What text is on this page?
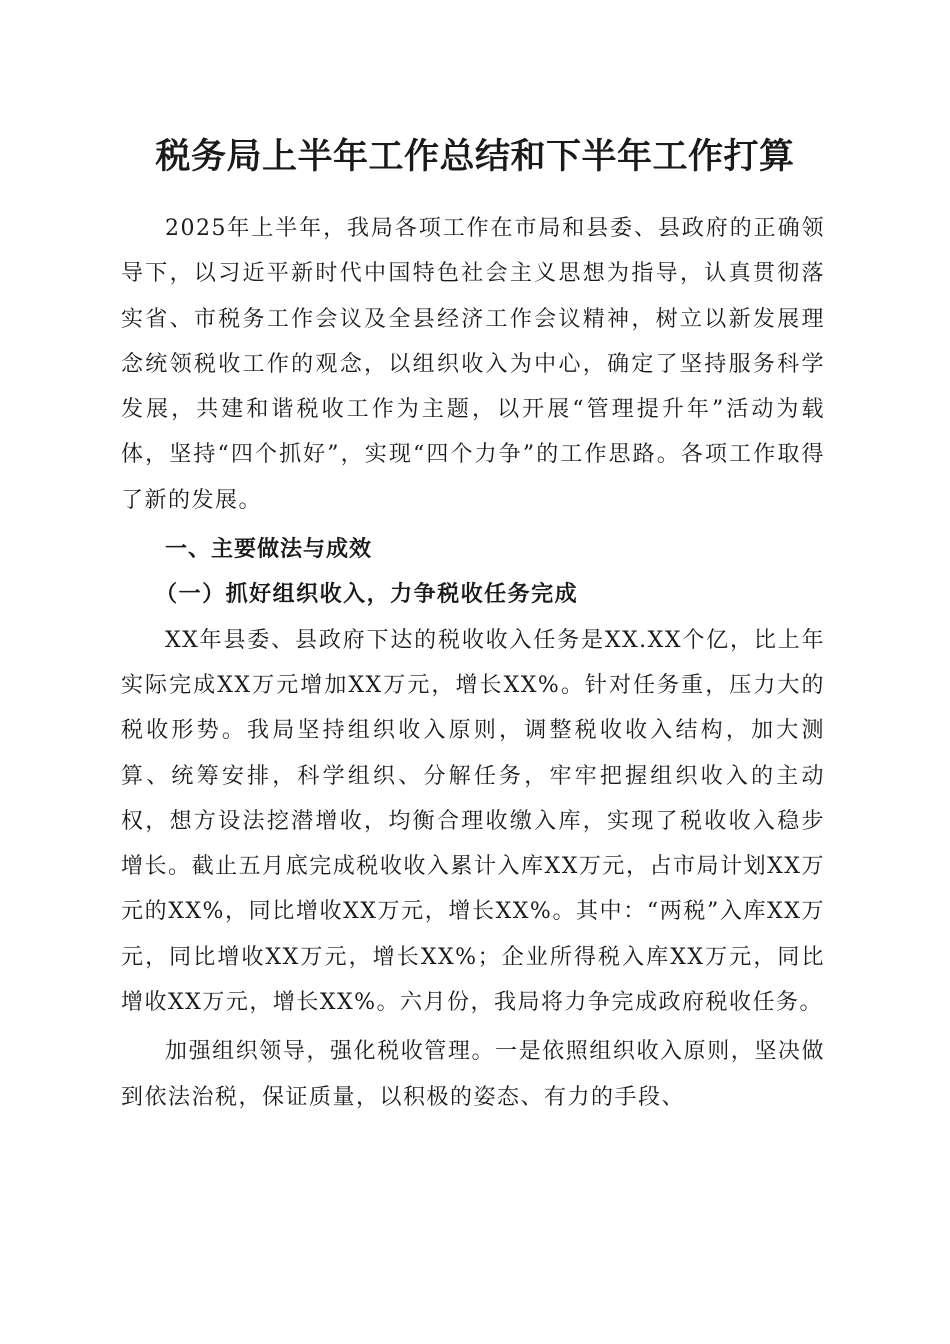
税务局上半年工作总结和下半年工作打算

2025年上半年，我局各项工作在市局和县委、县政府的正确领导下，以习近平新时代中国特色社会主义思想为指导，认真贯彻落实省、市税务工作会议及全县经济工作会议精神，树立以新发展理念统领税收工作的观念，以组织收入为中心，确定了坚持服务科学发展，共建和谐税收工作为主题，以开展“管理提升年”活动为载体，坚持“四个抓好”，实现“四个力争”的工作思路。各项工作取得了新的发展。

一、主要做法与成效

（一）抓好组织收入，力争税收任务完成

XX年县委、县政府下达的税收收入任务是XX.XX个亿，比上年实际完成XX万元增加XX万元，增长XX%。针对任务重，压力大的税收形势。我局坚持组织收入原则，调整税收收入结构，加大测算、统筹安排，科学组织、分解任务，牢牢把握组织收入的主动权，想方设法挖潜增收，均衡合理收缴入库，实现了税收收入稳步增长。截止五月底完成税收收入累计入库XX万元，占市局计划XX万元的XX%，同比增收XX万元，增长XX%。其中：“两税”入库XX万元，同比增收XX万元，增长XX%；企业所得税入库XX万元，同比增收XX万元，增长XX%。六月份，我局将力争完成政府税收任务。

加强组织领导，强化税收管理。一是依照组织收入原则，坚决做到依法治税，保证质量，以积极的姿态、有力的手段、
